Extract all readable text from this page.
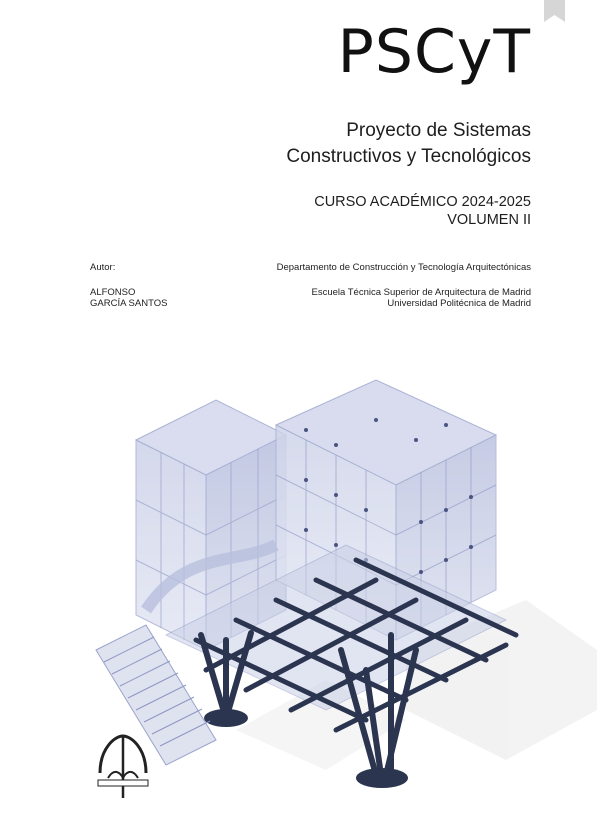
PSCyT
Proyecto de Sistemas
Constructivos y Tecnológicos
CURSO ACADÉMICO 2024-2025
VOLUMEN II
Autor:
ALFONSO
GARCÍA SANTOS
Departamento de Construcción y Tecnología Arquitectónicas
Escuela Técnica Superior de Arquitectura de Madrid
Universidad Politécnica de Madrid
